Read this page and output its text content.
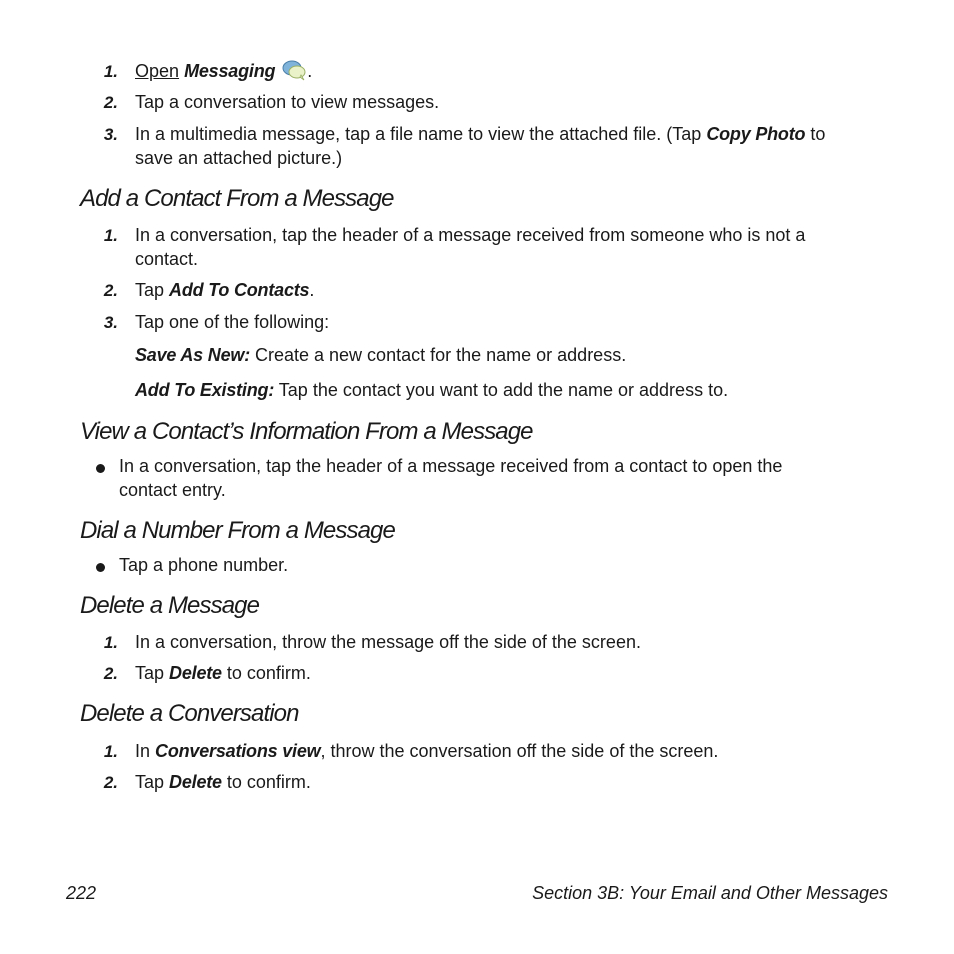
1. Open Messaging .
2. Tap a conversation to view messages.
3. In a multimedia message, tap a file name to view the attached file. (Tap Copy Photo to
save an attached picture.)
Add a Contact From a Message
1. In a conversation, tap the header of a message received from someone who is not a
contact.
2. Tap Add To Contacts.
3. Tap one of the following:
Save As New: Create a new contact for the name or address.
Add To Existing: Tap the contact you want to add the name or address to.
View a Contact’s Information From a Message
In a conversation, tap the header of a message received from a contact to open the
contact entry.
Dial a Number From a Message
Tap a phone number.
Delete a Message
1. In a conversation, throw the message off the side of the screen.
2. Tap Delete to confirm.
Delete a Conversation
1. In Conversations view, throw the conversation off the side of the screen.
2. Tap Delete to confirm.
222	Section 3B: Your Email and Other Messages
